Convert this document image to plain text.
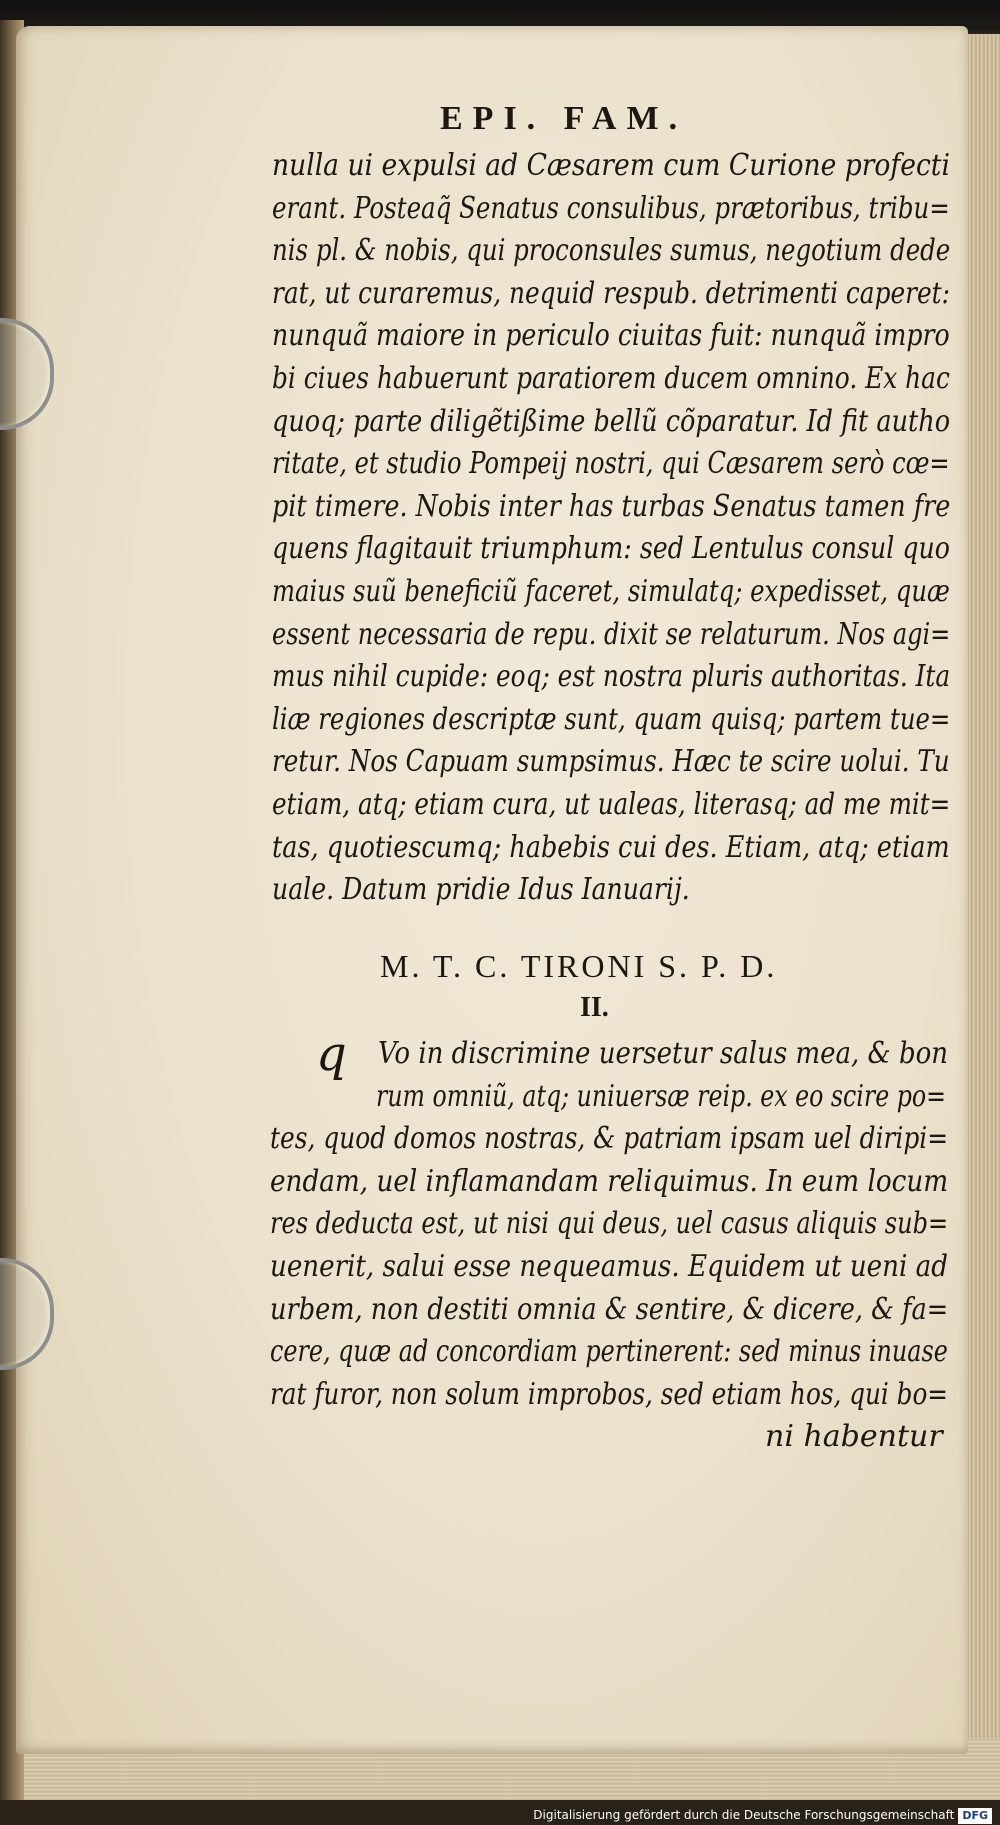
EPI. FAM.
M. T. C. TIRONI S. P. D.
II.
q
Digitalisierung gefördert durch die Deutsche Forschungsgemeinschaft DFG
nulla ui expulsi ad Cæsarem cum Curione profecti
erant. Posteaq̃ Senatus consulibus, prætoribus, tribu=
nis pl. & nobis, qui proconsules sumus, negotium dede
rat, ut curaremus, nequid respub. detrimenti caperet:
nunquã maiore in periculo ciuitas fuit: nunquã impro
bi ciues habuerunt paratiorem ducem omnino. Ex hac
quoq; parte diligẽtißime bellũ cõparatur. Id fit autho
ritate, et studio Pompeij nostri, qui Cæsarem serò cœ=
pit timere. Nobis inter has turbas Senatus tamen fre
quens flagitauit triumphum: sed Lentulus consul quo
maius suũ beneficiũ faceret, simulatq; expedisset, quæ
essent necessaria de repu. dixit se relaturum. Nos agi=
mus nihil cupide: eoq; est nostra pluris authoritas. Ita
liæ regiones descriptæ sunt, quam quisq; partem tue=
retur. Nos Capuam sumpsimus. Hæc te scire uolui. Tu
etiam, atq; etiam cura, ut ualeas, literasq; ad me mit=
tas, quotiescumq; habebis cui des. Etiam, atq; etiam
uale. Datum pridie Idus Ianuarij.
Vo in discrimine uersetur salus mea, & bon
rum omniũ, atq; uniuersæ reip. ex eo scire po=
tes, quod domos nostras, & patriam ipsam uel diripi=
endam, uel inflamandam reliquimus. In eum locum
res deducta est, ut nisi qui deus, uel casus aliquis sub=
uenerit, salui esse nequeamus. Equidem ut ueni ad
urbem, non destiti omnia & sentire, & dicere, & fa=
cere, quæ ad concordiam pertinerent: sed minus inuase
rat furor, non solum improbos, sed etiam hos, qui bo=
ni habentur
